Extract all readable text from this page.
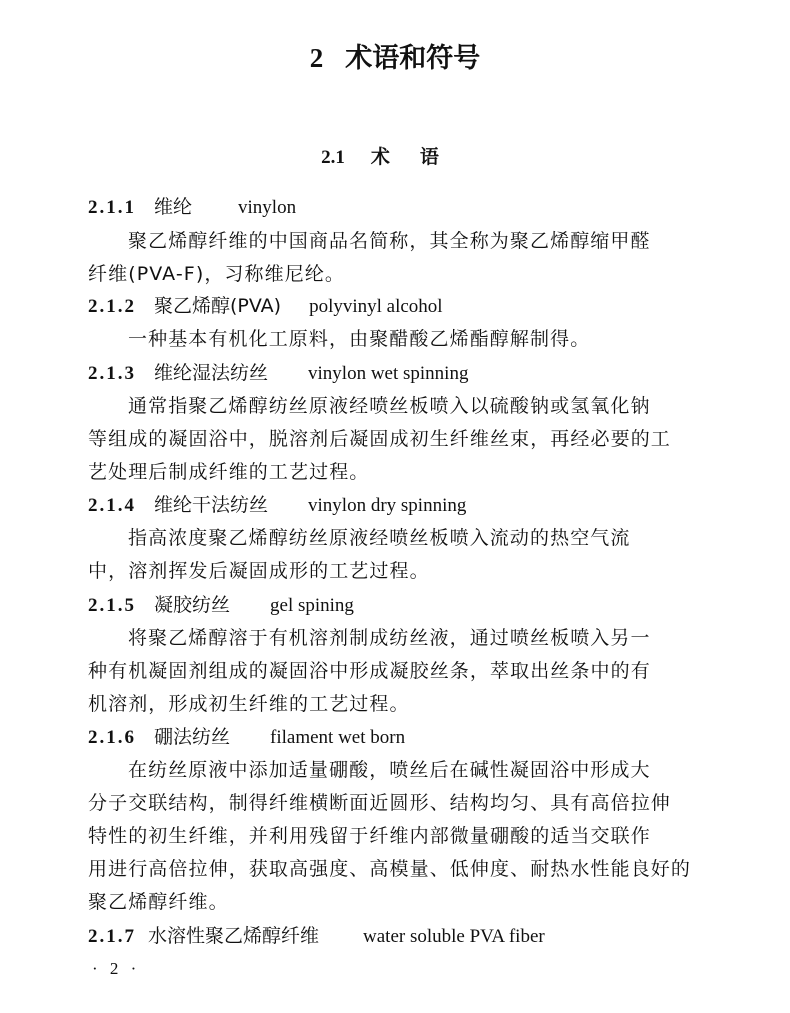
2 术语和符号
2.1 术语
2.1.1 维纶 vinylon

聚乙烯醇纤维的中国商品名简称，其全称为聚乙烯醇缩甲醛
纤维(PVA-F)，习称维尼纶。

2.1.2 聚乙烯醇(PVA) polyvinyl alcohol

一种基本有机化工原料，由聚醋酸乙烯酯醇解制得。

2.1.3 维纶湿法纺丝 vinylon wet spinning

通常指聚乙烯醇纺丝原液经喷丝板喷入以硫酸钠或氢氧化钠
等组成的凝固浴中，脱溶剂后凝固成初生纤维丝束，再经必要的工
艺处理后制成纤维的工艺过程。

2.1.4 维纶干法纺丝 vinylon dry spinning

指高浓度聚乙烯醇纺丝原液经喷丝板喷入流动的热空气流
中，溶剂挥发后凝固成形的工艺过程。

2.1.5 凝胶纺丝 gel spining

将聚乙烯醇溶于有机溶剂制成纺丝液，通过喷丝板喷入另一
种有机凝固剂组成的凝固浴中形成凝胶丝条，萃取出丝条中的有
机溶剂，形成初生纤维的工艺过程。

2.1.6 硼法纺丝 filament wet born

在纺丝原液中添加适量硼酸，喷丝后在碱性凝固浴中形成大
分子交联结构，制得纤维横断面近圆形、结构均匀、具有高倍拉伸
特性的初生纤维，并利用残留于纤维内部微量硼酸的适当交联作
用进行高倍拉伸，获取高强度、高模量、低伸度、耐热水性能良好的
聚乙烯醇纤维。

2.1.7 水溶性聚乙烯醇纤维 water soluble PVA fiber
· 2 ·
